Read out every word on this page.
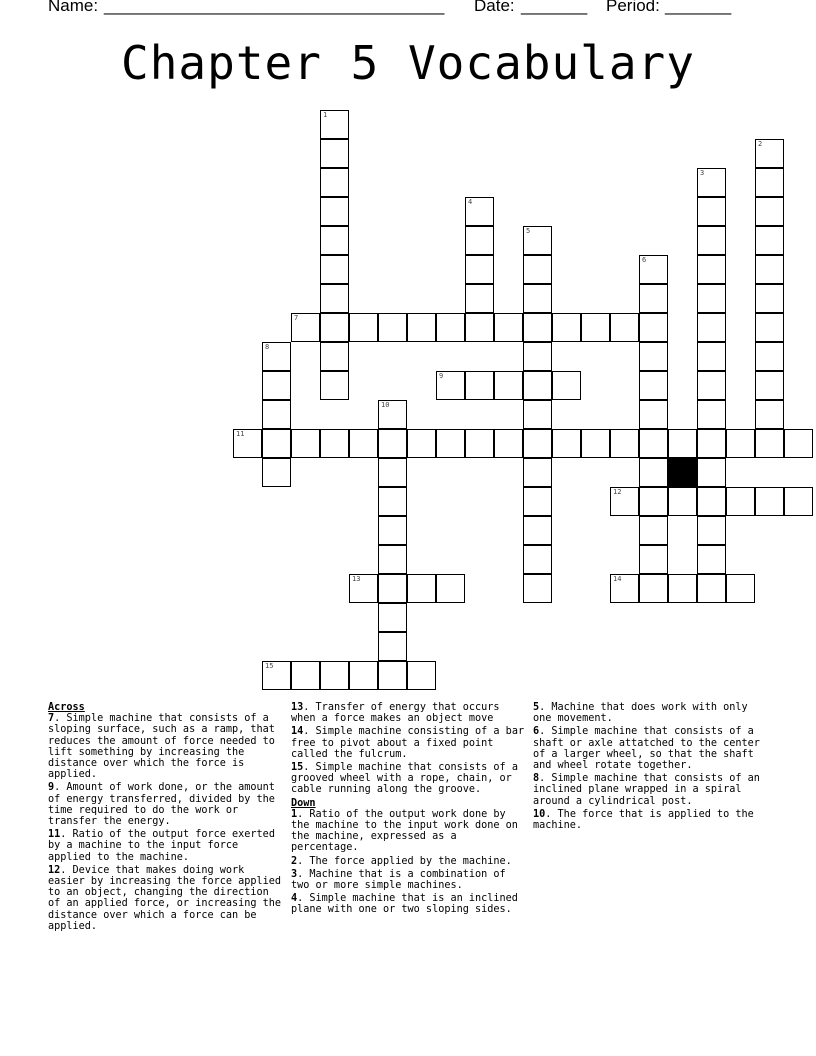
Name: ____________________________________ Date: _______ Period: _______
Chapter 5 Vocabulary
7
9
11
12
13	14
15
1
2
3
4
5
6
8
10
Across
7. Simple machine that consists of a sloping surface, such as a ramp, that reduces the amount of force needed to lift something by increasing the distance over which the force is applied.
9. Amount of work done, or the amount of energy transferred, divided by the time required to do the work or transfer the energy.
11. Ratio of the output force exerted by a machine to the input force applied to the machine.
12. Device that makes doing work easier by increasing the force applied to an object, changing the direction of an applied force, or increasing the distance over which a force can be applied.
13. Transfer of energy that occurs when a force makes an object move
14. Simple machine consisting of a bar free to pivot about a fixed point called the fulcrum.
15. Simple machine that consists of a grooved wheel with a rope, chain, or cable running along the groove.
Down
1. Ratio of the output work done by the machine to the input work done on the machine, expressed as a percentage.
2. The force applied by the machine.
3. Machine that is a combination of two or more simple machines.
4. Simple machine that is an inclined plane with one or two sloping sides.
5. Machine that does work with only one movement.
6. Simple machine that consists of a shaft or axle attatched to the center of a larger wheel, so that the shaft and wheel rotate together.
8. Simple machine that consists of an inclined plane wrapped in a spiral around a cylindrical post.
10. The force that is applied to the machine.
